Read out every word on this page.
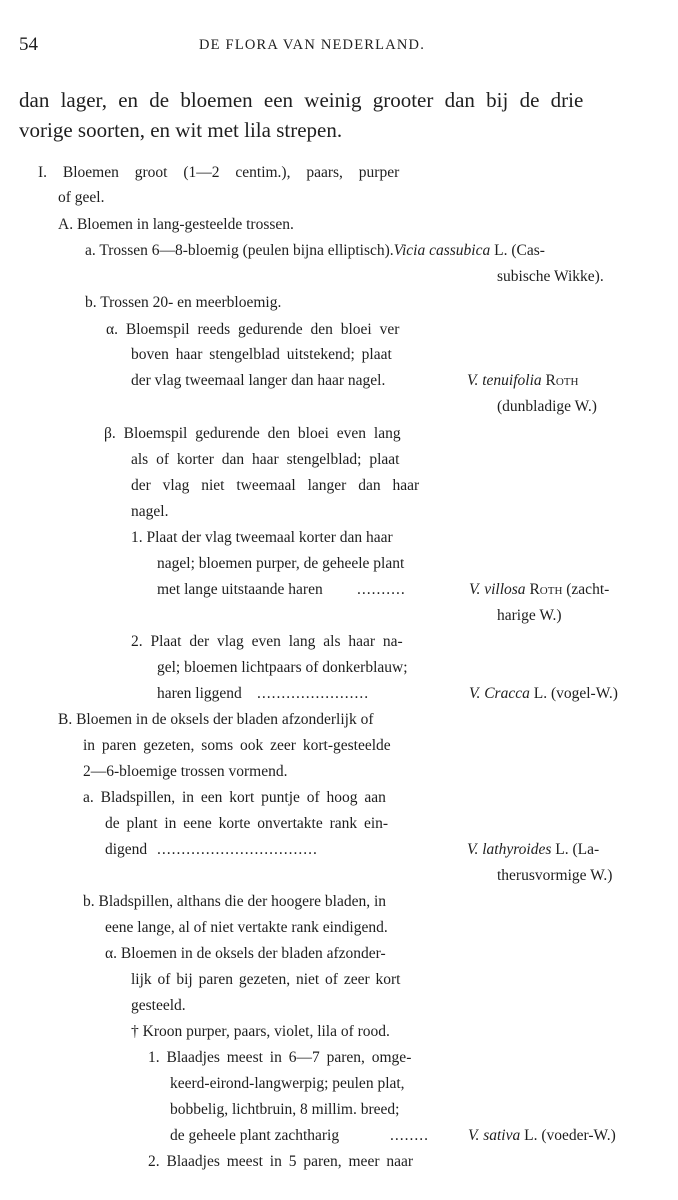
54	DE FLORA VAN NEDERLAND.
dan lager, en de bloemen een weinig grooter dan bij de drie
vorige soorten, en wit met lila strepen.
I. Bloemen groot (1—2 centim.), paars, purper
of geel.
A. Bloemen in lang-gesteelde trossen.
a. Trossen 6—8-bloemig (peulen bijna elliptisch).Vicia cassubica L. (Cas-
subische Wikke).
b. Trossen 20- en meerbloemig.
α. Bloemspil reeds gedurende den bloei ver
boven haar stengelblad uitstekend; plaat
der vlag tweemaal langer dan haar nagel.	V. tenuifolia Roth
(dunbladige W.)
β. Bloemspil gedurende den bloei even lang
als of korter dan haar stengelblad; plaat
der vlag niet tweemaal langer dan haar
nagel.
1. Plaat der vlag tweemaal korter dan haar
nagel; bloemen purper, de geheele plant
met lange uitstaande haren ..........	V. villosa Roth (zacht-
harige W.)
2. Plaat der vlag even lang als haar na-
gel; bloemen lichtpaars of donkerblauw;
haren liggend .......................	V. Cracca L. (vogel-W.)
B. Bloemen in de oksels der bladen afzonderlijk of
in paren gezeten, soms ook zeer kort-gesteelde
2—6-bloemige trossen vormend.
a. Bladspillen, in een kort puntje of hoog aan
de plant in eene korte onvertakte rank ein-
digend .................................	V. lathyroides L. (La-
therusvormige W.)
b. Bladspillen, althans die der hoogere bladen, in
eene lange, al of niet vertakte rank eindigend.
α. Bloemen in de oksels der bladen afzonder-
lijk of bij paren gezeten, niet of zeer kort
gesteeld.
† Kroon purper, paars, violet, lila of rood.
1. Blaadjes meest in 6—7 paren, omge-
keerd-eirond-langwerpig; peulen plat,
bobbelig, lichtbruin, 8 millim. breed;
de geheele plant zachtharig	........	V. sativa L. (voeder-W.)
2. Blaadjes meest in 5 paren, meer naar
